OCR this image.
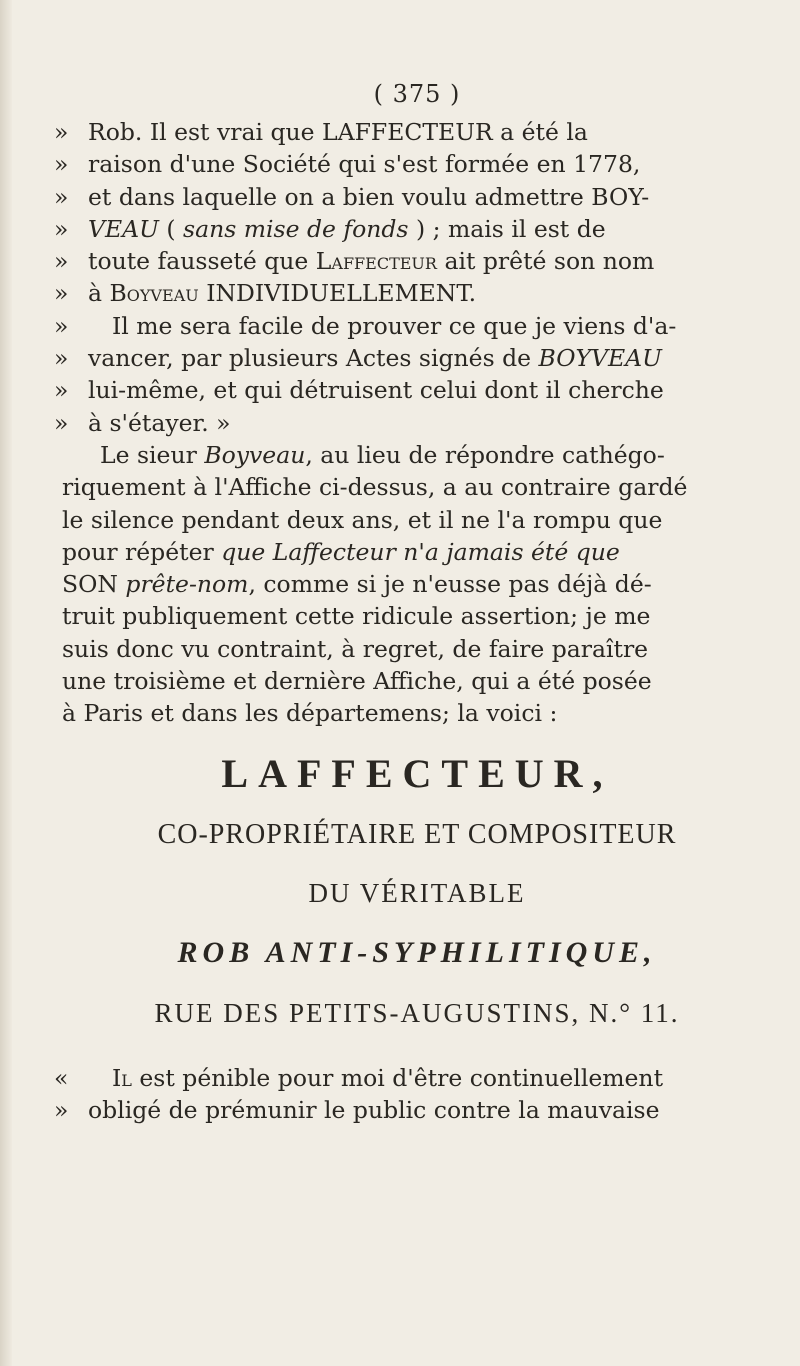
( 375 )
» Rob. Il est vrai que LAFFECTEUR a été la
» raison d'une Société qui s'est formée en 1778,
» et dans laquelle on a bien voulu admettre BOY-
» VEAU ( sans mise de fonds ) ; mais il est de
» toute fausseté que Laffecteur ait prêté son nom
» à Boyveau INDIVIDUELLEMENT.
»	Il me sera facile de prouver ce que je viens d'a-
» vancer, par plusieurs Actes signés de BOYVEAU
» lui-même, et qui détruisent celui dont il cherche
» à s'étayer. »
Le sieur Boyveau, au lieu de répondre cathégo-
riquement à l'Affiche ci-dessus, a au contraire gardé
le silence pendant deux ans, et il ne l'a rompu que
pour répéter que Laffecteur n'a jamais été que
SON prête-nom, comme si je n'eusse pas déjà dé-
truit publiquement cette ridicule assertion; je me
suis donc vu contraint, à regret, de faire paraître
une troisième et dernière Affiche, qui a été posée
à Paris et dans les départemens; la voici :
LAFFECTEUR,
CO-PROPRIÉTAIRE ET COMPOSITEUR
DU VÉRITABLE
ROB ANTI-SYPHILITIQUE,
RUE DES PETITS-AUGUSTINS, N.° 11.
«	Il est pénible pour moi d'être continuellement
» obligé de prémunir le public contre la mauvaise
